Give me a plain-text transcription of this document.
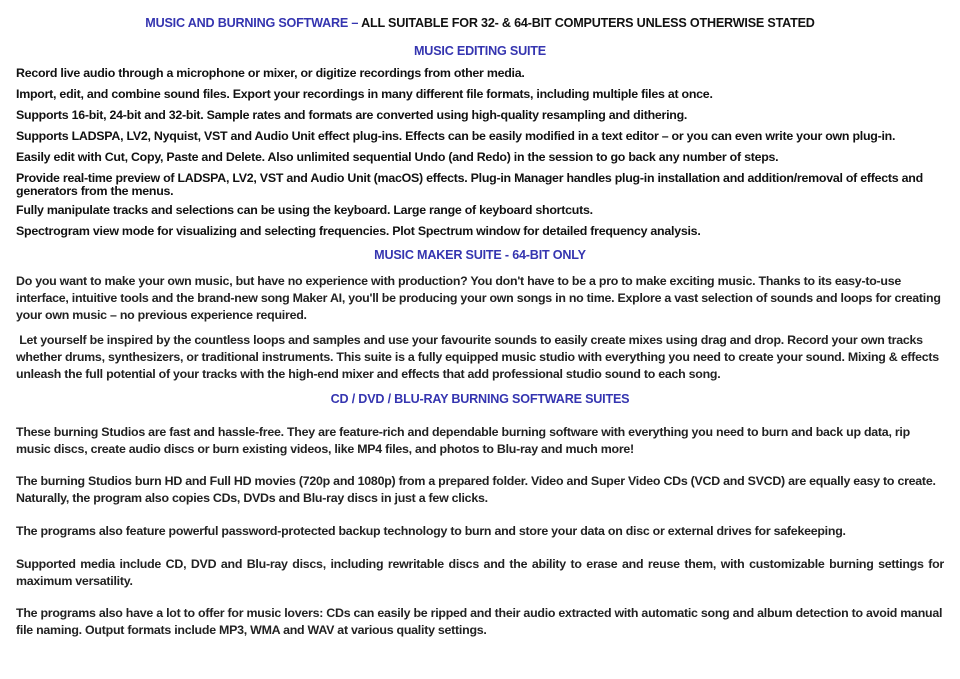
MUSIC AND BURNING SOFTWARE – ALL SUITABLE FOR 32- & 64-BIT COMPUTERS UNLESS OTHERWISE STATED
MUSIC EDITING SUITE
Record live audio through a microphone or mixer, or digitize recordings from other media.
Import, edit, and combine sound files. Export your recordings in many different file formats, including multiple files at once.
Supports 16-bit, 24-bit and 32-bit. Sample rates and formats are converted using high-quality resampling and dithering.
Supports LADSPA, LV2, Nyquist, VST and Audio Unit effect plug-ins. Effects can be easily modified in a text editor – or you can even write your own plug-in.
Easily edit with Cut, Copy, Paste and Delete. Also unlimited sequential Undo (and Redo) in the session to go back any number of steps.
Provide real-time preview of LADSPA, LV2, VST and Audio Unit (macOS) effects. Plug-in Manager handles plug-in installation and addition/removal of effects and generators from the menus.
Fully manipulate tracks and selections can be using the keyboard. Large range of keyboard shortcuts.
Spectrogram view mode for visualizing and selecting frequencies. Plot Spectrum window for detailed frequency analysis.
MUSIC MAKER SUITE - 64-BIT ONLY
Do you want to make your own music, but have no experience with production? You don't have to be a pro to make exciting music. Thanks to its easy-to-use interface, intuitive tools and the brand-new song Maker AI, you'll be producing your own songs in no time. Explore a vast selection of sounds and loops for creating your own music – no previous experience required.
Let yourself be inspired by the countless loops and samples and use your favourite sounds to easily create mixes using drag and drop. Record your own tracks whether drums, synthesizers, or traditional instruments. This suite is a fully equipped music studio with everything you need to create your sound. Mixing & effects unleash the full potential of your tracks with the high-end mixer and effects that add professional studio sound to each song.
CD / DVD / BLU-RAY BURNING SOFTWARE SUITES
These burning Studios are fast and hassle-free. They are feature-rich and dependable burning software with everything you need to burn and back up data, rip music discs, create audio discs or burn existing videos, like MP4 files, and photos to Blu-ray and much more!
The burning Studios burn HD and Full HD movies (720p and 1080p) from a prepared folder. Video and Super Video CDs (VCD and SVCD) are equally easy to create. Naturally, the program also copies CDs, DVDs and Blu-ray discs in just a few clicks.
The programs also feature powerful password-protected backup technology to burn and store your data on disc or external drives for safekeeping.
Supported media include CD, DVD and Blu-ray discs, including rewritable discs and the ability to erase and reuse them, with customizable burning settings for maximum versatility.
The programs also have a lot to offer for music lovers: CDs can easily be ripped and their audio extracted with automatic song and album detection to avoid manual file naming. Output formats include MP3, WMA and WAV at various quality settings.
